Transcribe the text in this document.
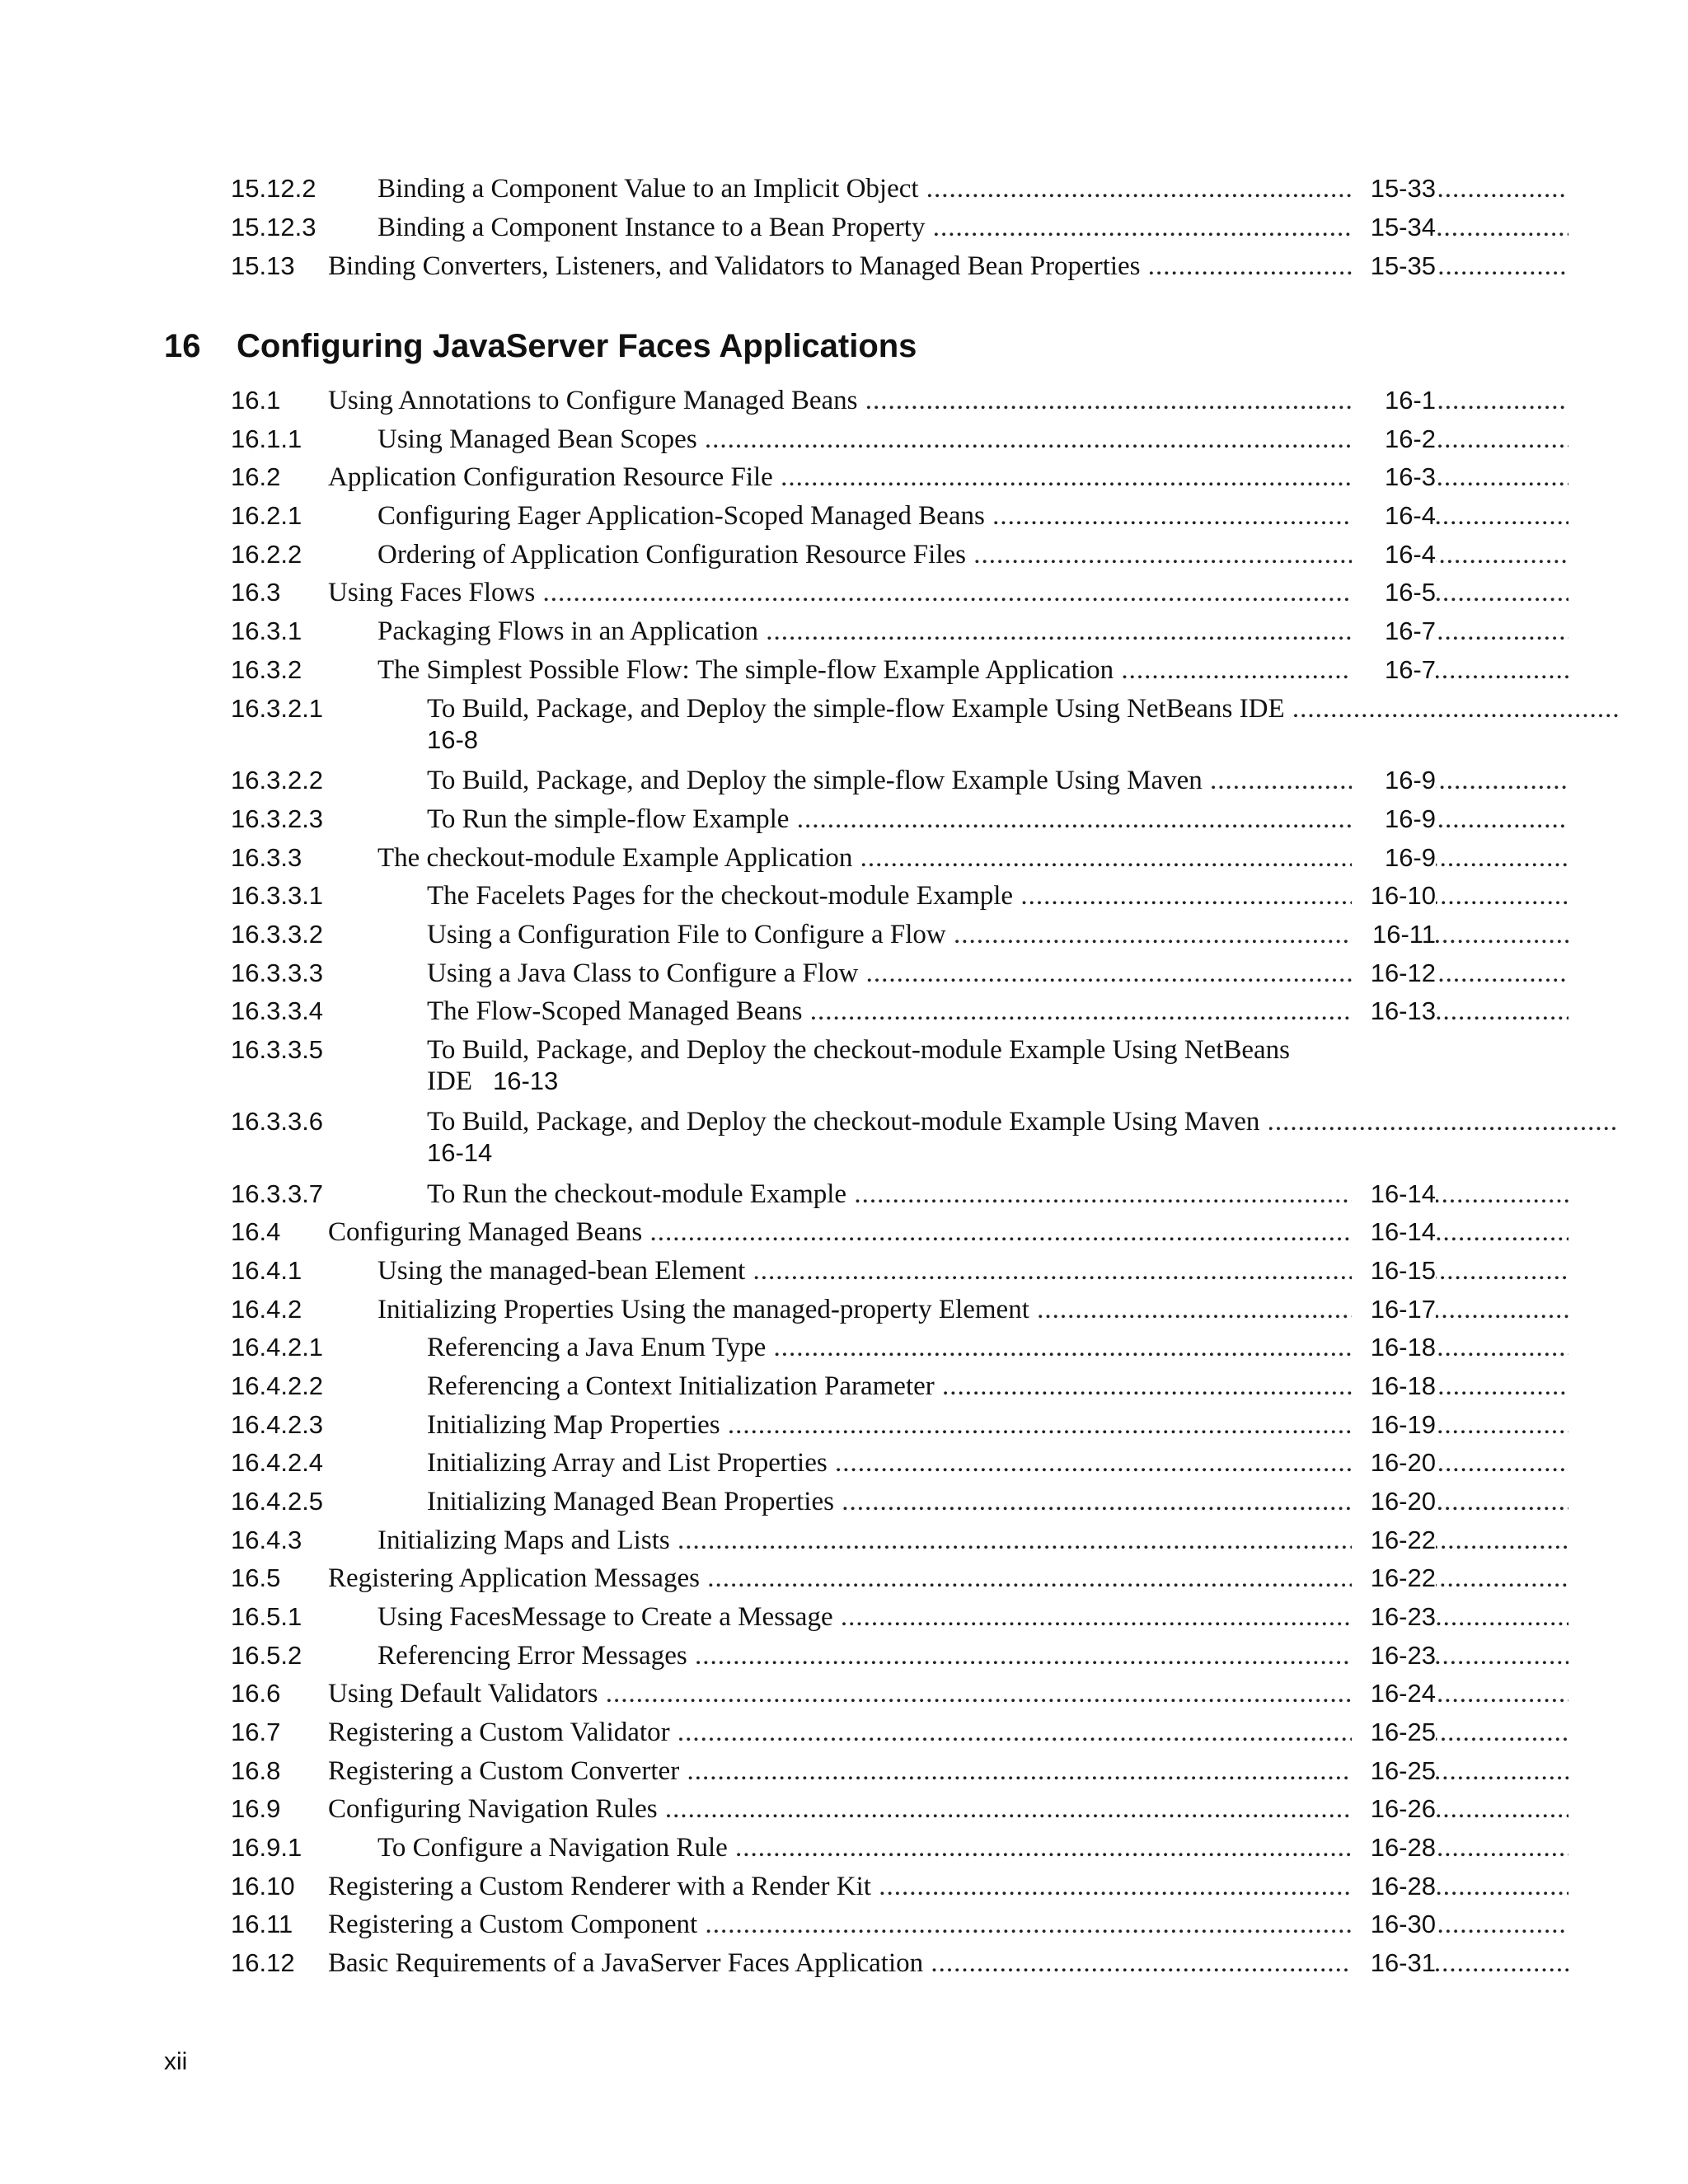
15.12.2 Binding a Component Value to an Implicit Object .....	15-33
15.12.3 Binding a Component Instance to a Bean Property .....	15-34
15.13 Binding Converters, Listeners, and Validators to Managed Bean Properties .....	15-35
16 Configuring JavaServer Faces Applications
16.1 Using Annotations to Configure Managed Beans .....	16-1
16.1.1	Using Managed Bean Scopes .....	16-2
16.2 Application Configuration Resource File .....	16-3
16.2.1	Configuring Eager Application-Scoped Managed Beans .....	16-4
16.2.2	Ordering of Application Configuration Resource Files .....	16-4
16.3 Using Faces Flows .....	16-5
16.3.1	Packaging Flows in an Application .....	16-7
16.3.2	The Simplest Possible Flow: The simple-flow Example Application .....	16-7
16.3.2.1	To Build, Package, and Deploy the simple-flow Example Using NetBeans IDE .....
16-8
16.3.2.2	To Build, Package, and Deploy the simple-flow Example Using Maven .....	16-9
16.3.2.3	To Run the simple-flow Example .....	16-9
16.3.3	The checkout-module Example Application .....	16-9
16.3.3.1	The Facelets Pages for the checkout-module Example .....	16-10
16.3.3.2	Using a Configuration File to Configure a Flow .....	16-11
16.3.3.3	Using a Java Class to Configure a Flow .....	16-12
16.3.3.4	The Flow-Scoped Managed Beans .....	16-13
16.3.3.5	To Build, Package, and Deploy the checkout-module Example Using NetBeans
IDE 16-13
16.3.3.6	To Build, Package, and Deploy the checkout-module Example Using Maven .....
16-14
16.3.3.7	To Run the checkout-module Example .....	16-14
16.4 Configuring Managed Beans .....	16-14
16.4.1	Using the managed-bean Element .....	16-15
16.4.2	Initializing Properties Using the managed-property Element .....	16-17
16.4.2.1	Referencing a Java Enum Type .....	16-18
16.4.2.2	Referencing a Context Initialization Parameter .....	16-18
16.4.2.3	Initializing Map Properties .....	16-19
16.4.2.4	Initializing Array and List Properties .....	16-20
16.4.2.5	Initializing Managed Bean Properties .....	16-20
16.4.3	Initializing Maps and Lists .....	16-22
16.5 Registering Application Messages .....	16-22
16.5.1	Using FacesMessage to Create a Message .....	16-23
16.5.2	Referencing Error Messages .....	16-23
16.6 Using Default Validators .....	16-24
16.7 Registering a Custom Validator .....	16-25
16.8 Registering a Custom Converter .....	16-25
16.9 Configuring Navigation Rules .....	16-26
16.9.1	To Configure a Navigation Rule .....	16-28
16.10 Registering a Custom Renderer with a Render Kit .....	16-28
16.11 Registering a Custom Component .....	16-30
16.12 Basic Requirements of a JavaServer Faces Application .....	16-31
xii
